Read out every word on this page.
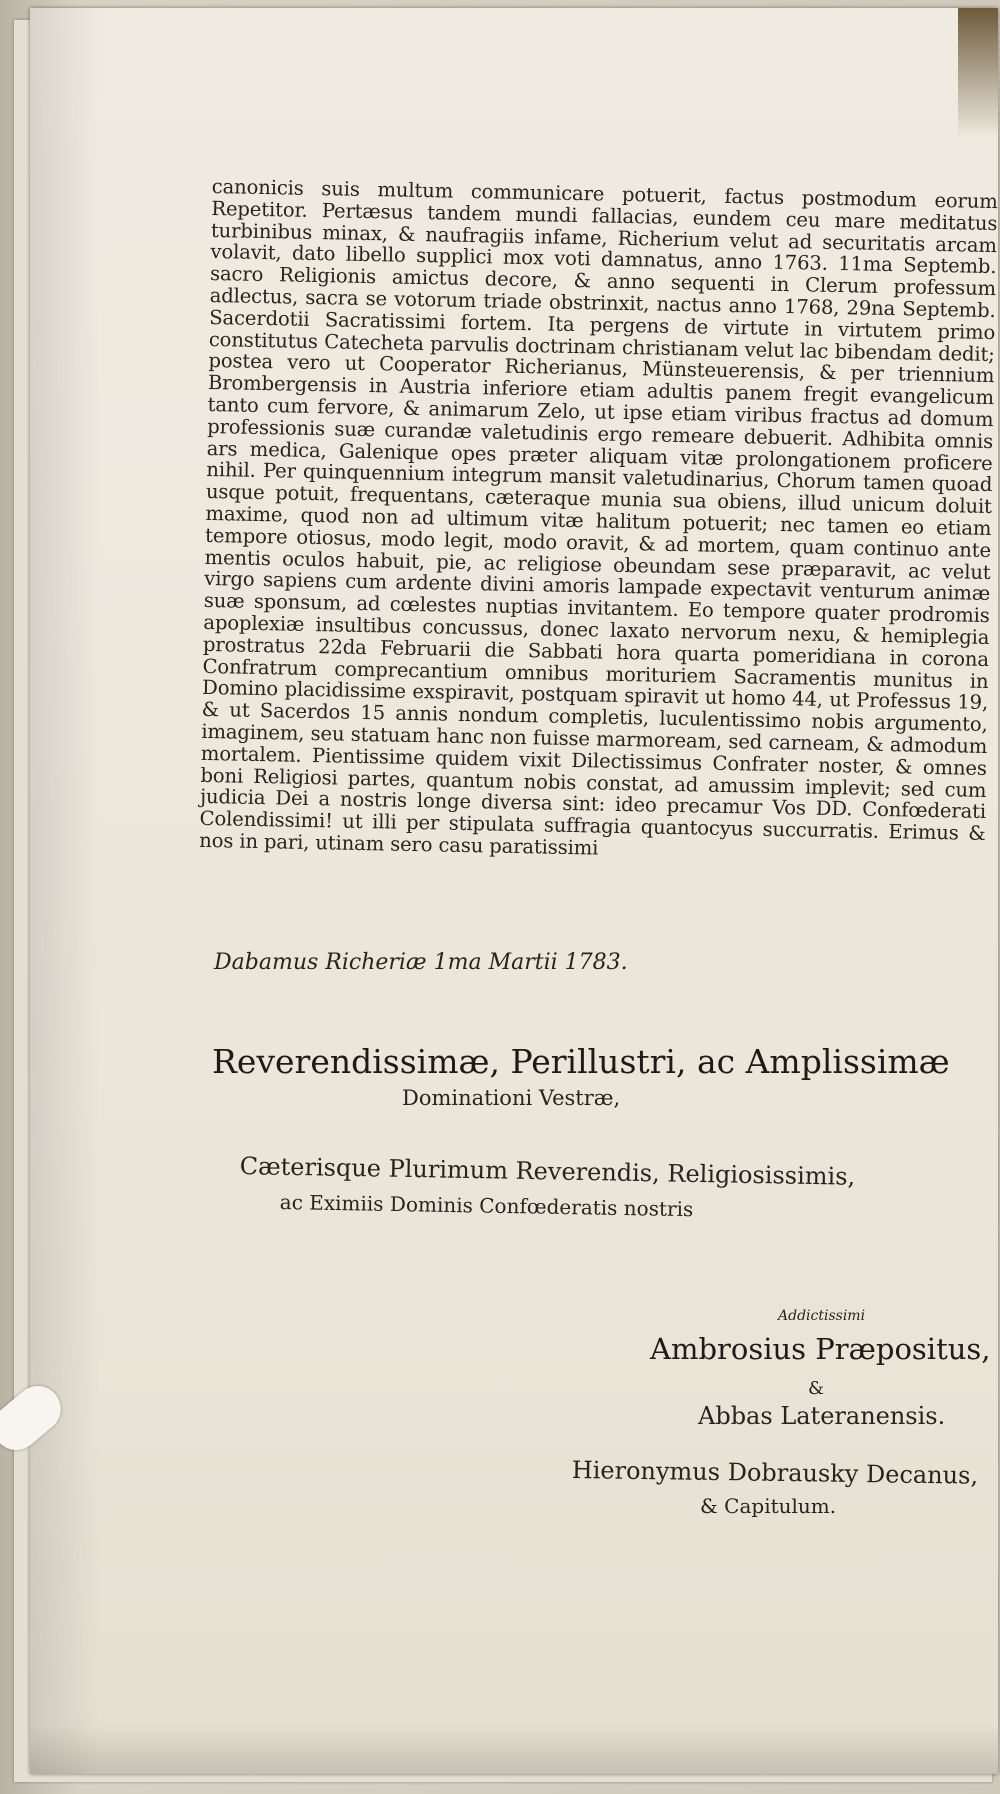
canonicis suis multum communicare potuerit, factus postmodum eorum Repetitor. Pertæsus tandem mundi fallacias, eundem ceu mare meditatus turbinibus minax, & naufragiis infame, Richerium velut ad securitatis arcam volavit, dato libello supplici mox voti damnatus, anno 1763. 11ma Septemb. sacro Religionis amictus decore, & anno sequenti in Clerum professum adlectus, sacra se votorum triade obstrinxit, nactus anno 1768, 29na Septemb. Sacerdotii Sacratissimi fortem. Ita pergens de virtute in virtutem primo constitutus Catecheta parvulis doctrinam christianam velut lac bibendam dedit; postea vero ut Cooperator Richerianus, Münsteuerensis, & per triennium Brombergensis in Austria inferiore etiam adultis panem fregit evangelicum tanto cum fervore, & animarum Zelo, ut ipse etiam viribus fractus ad domum professionis suæ curandæ valetudinis ergo remeare debuerit. Adhibita omnis ars medica, Galenique opes præter aliquam vitæ prolongationem proficere nihil. Per quinquennium integrum mansit valetudinarius, Chorum tamen quoad usque potuit, frequentans, cæteraque munia sua obiens, illud unicum doluit maxime, quod non ad ultimum vitæ halitum potuerit; nec tamen eo etiam tempore otiosus, modo legit, modo oravit, & ad mortem, quam continuo ante mentis oculos habuit, pie, ac religiose obeundam sese præparavit, ac velut virgo sapiens cum ardente divini amoris lampade expectavit venturum animæ suæ sponsum, ad cœlestes nuptias invitantem. Eo tempore quater prodromis apoplexiæ insultibus concussus, donec laxato nervorum nexu, & hemiplegia prostratus 22da Februarii die Sabbati hora quarta pomeridiana in corona Confratrum comprecantium omnibus morituriem Sacramentis munitus in Domino placidissime exspiravit, postquam spiravit ut homo 44, ut Professus 19, & ut Sacerdos 15 annis nondum completis, luculentissimo nobis argumento, imaginem, seu statuam hanc non fuisse marmoream, sed carneam, & admodum mortalem. Pientissime quidem vixit Dilectissimus Confrater noster, & omnes boni Religiosi partes, quantum nobis constat, ad amussim implevit; sed cum judicia Dei a nostris longe diversa sint: ideo precamur Vos DD. Confœderati Colendissimi! ut illi per stipulata suffragia quantocyus succurratis. Erimus & nos in pari, utinam sero casu paratissimi

Dabamus Richeriæ 1ma Martii 1783.
Reverendissimæ, Perillustri, ac Amplissimæ
Dominationi Vestræ,
Cæterisque Plurimum Reverendis, Religiosissimis,
ac Eximiis Dominis Confœderatis nostris
Addictissimi
Ambrosius Præpositus,
&
Abbas Lateranensis.
Hieronymus Dobrausky Decanus,
& Capitulum.
